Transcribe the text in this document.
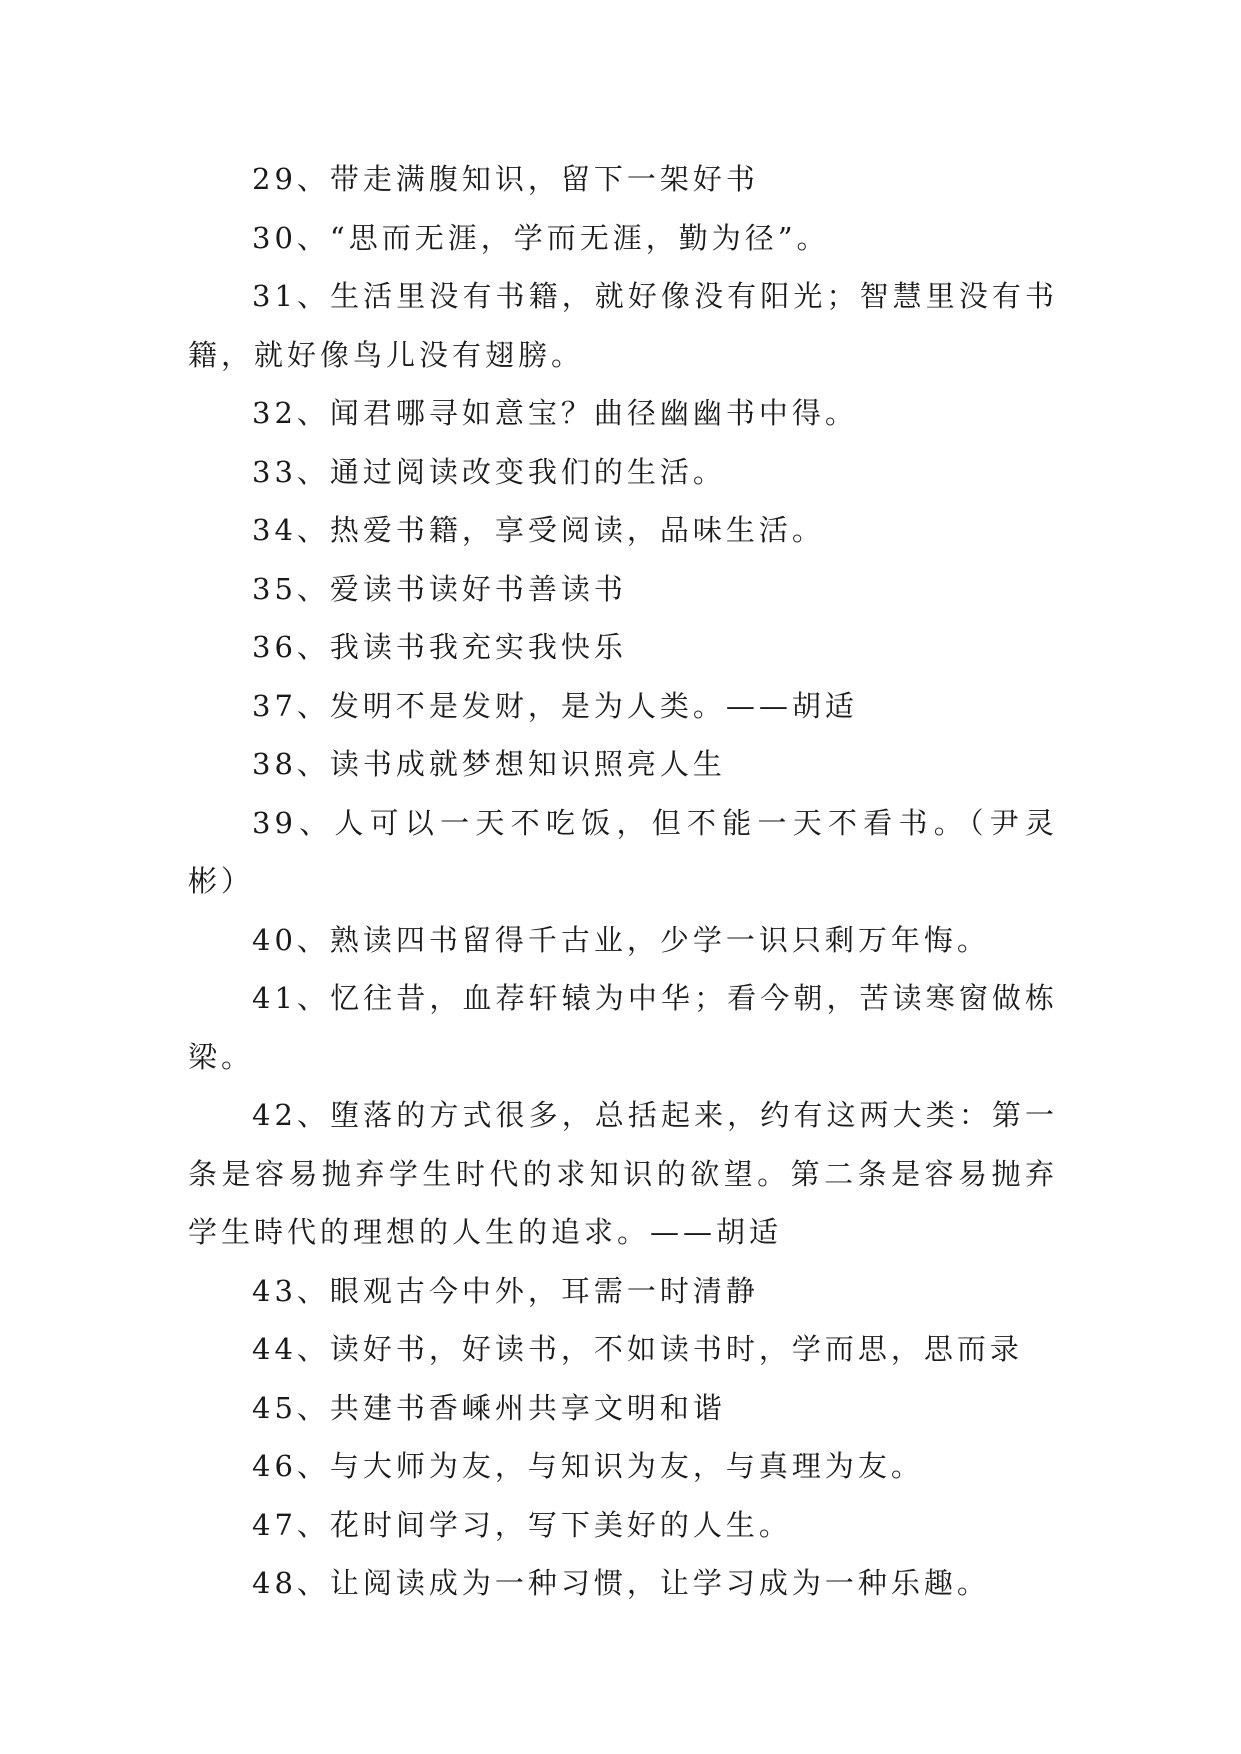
29、带走满腹知识，留下一架好书

30、“思而无涯，学而无涯，勤为径”。

31、生活里没有书籍，就好像没有阳光；智慧里没有书籍，就好像鸟儿没有翅膀。

32、闻君哪寻如意宝？曲径幽幽书中得。

33、通过阅读改变我们的生活。

34、热爱书籍，享受阅读，品味生活。

35、爱读书读好书善读书

36、我读书我充实我快乐

37、发明不是发财，是为人类。——胡适

38、读书成就梦想知识照亮人生

39、人可以一天不吃饭，但不能一天不看书。（尹灵彬）

40、熟读四书留得千古业，少学一识只剩万年悔。

41、忆往昔，血荐轩辕为中华；看今朝，苦读寒窗做栋梁。

42、堕落的方式很多，总括起来，约有这两大类：第一条是容易抛弃学生时代的求知识的欲望。第二条是容易抛弃学生時代的理想的人生的追求。——胡适

43、眼观古今中外，耳需一时清静

44、读好书，好读书，不如读书时，学而思，思而录

45、共建书香嵊州共享文明和谐

46、与大师为友，与知识为友，与真理为友。

47、花时间学习，写下美好的人生。

48、让阅读成为一种习惯，让学习成为一种乐趣。
